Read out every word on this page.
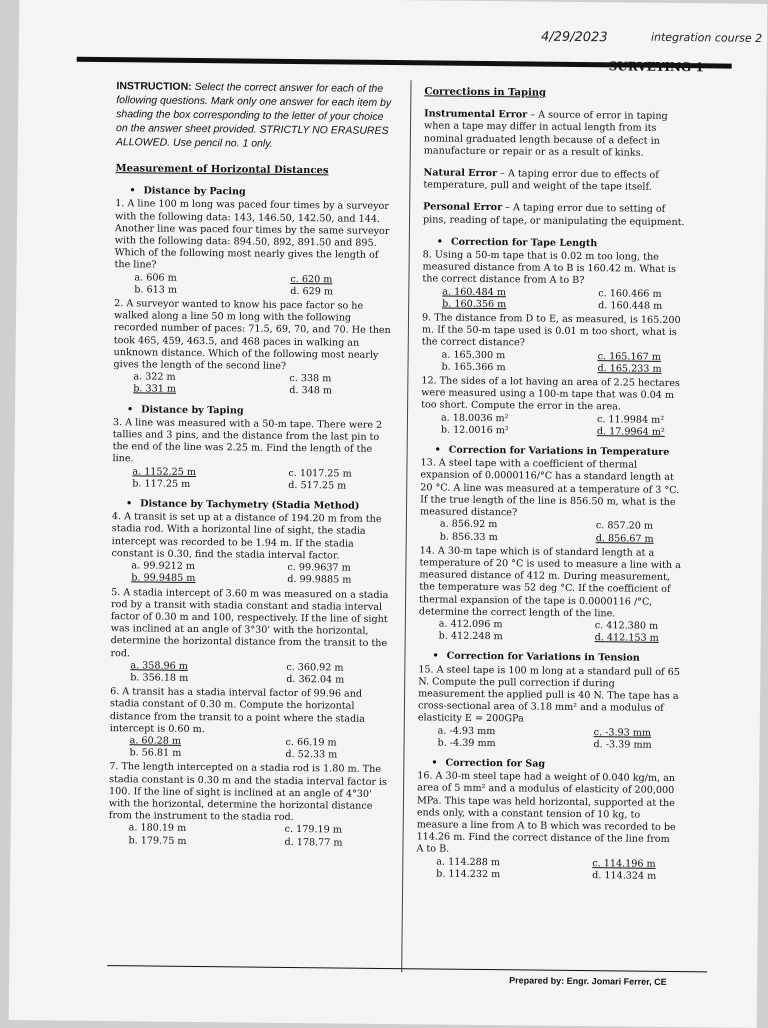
4/29/2023	integration course 2
INSTRUCTION: Select the correct answer for each of the following questions. Mark only one answer for each item by shading the box corresponding to the letter of your choice on the answer sheet provided. STRICTLY NO ERASURES ALLOWED. Use pencil no. 1 only.
Measurement of Horizontal Distances
• Distance by Pacing
1. A line 100 m long was paced four times by a surveyor with the following data: 143, 146.50, 142.50, and 144. Another line was paced four times by the same surveyor with the following data: 894.50, 892, 891.50 and 895. Which of the following most nearly gives the length of the line?
a. 606 m	c. 620 m
b. 613 m	d. 629 m
2. A surveyor wanted to know his pace factor so he walked along a line 50 m long with the following recorded number of paces: 71.5, 69, 70, and 70. He then took 465, 459, 463.5, and 468 paces in walking an unknown distance. Which of the following most nearly gives the length of the second line?
a. 322 m	c. 338 m
b. 331 m	d. 348 m
• Distance by Taping
3. A line was measured with a 50-m tape. There were 2 tallies and 3 pins, and the distance from the last pin to the end of the line was 2.25 m. Find the length of the line.
a. 1152.25 m	c. 1017.25 m
b. 117.25 m	d. 517.25 m
• Distance by Tachymetry (Stadia Method)
4. A transit is set up at a distance of 194.20 m from the stadia rod. With a horizontal line of sight, the stadia intercept was recorded to be 1.94 m. If the stadia constant is 0.30, find the stadia interval factor.
a. 99.9212 m	c. 99.9637 m
b. 99.9485 m	d. 99.9885 m
5. A stadia intercept of 3.60 m was measured on a stadia rod by a transit with stadia constant and stadia interval factor of 0.30 m and 100, respectively. If the line of sight was inclined at an angle of 3°30' with the horizontal, determine the horizontal distance from the transit to the rod.
a. 358.96 m	c. 360.92 m
b. 356.18 m	d. 362.04 m
6. A transit has a stadia interval factor of 99.96 and stadia constant of 0.30 m. Compute the horizontal distance from the transit to a point where the stadia intercept is 0.60 m.
a. 60.28 m	c. 66.19 m
b. 56.81 m	d. 52.33 m
7. The length intercepted on a stadia rod is 1.80 m. The stadia constant is 0.30 m and the stadia interval factor is 100. If the line of sight is inclined at an angle of 4°30' with the horizontal, determine the horizontal distance from the instrument to the stadia rod.
a. 180.19 m	c. 179.19 m
b. 179.75 m	d. 178.77 m
Corrections in Taping
Instrumental Error – A source of error in taping when a tape may differ in actual length from its nominal graduated length because of a defect in manufacture or repair or as a result of kinks.
Natural Error – A taping error due to effects of temperature, pull and weight of the tape itself.
Personal Error – A taping error due to setting of pins, reading of tape, or manipulating the equipment.
• Correction for Tape Length
8. Using a 50-m tape that is 0.02 m too long, the measured distance from A to B is 160.42 m. What is the correct distance from A to B?
a. 160.484 m	c. 160.466 m
b. 160.356 m	d. 160.448 m
9. The distance from D to E, as measured, is 165.200 m. If the 50-m tape used is 0.01 m too short, what is the correct distance?
a. 165.300 m	c. 165.167 m
b. 165.366 m	d. 165.233 m
12. The sides of a lot having an area of 2.25 hectares were measured using a 100-m tape that was 0.04 m too short. Compute the error in the area.
a. 18.0036 m²	c. 11.9984 m²
b. 12.0016 m²	d. 17.9964 m²
• Correction for Variations in Temperature
13. A steel tape with a coefficient of thermal expansion of 0.0000116/°C has a standard length at 20 °C. A line was measured at a temperature of 3 °C. If the true length of the line is 856.50 m, what is the measured distance?
a. 856.92 m	c. 857.20 m
b. 856.33 m	d. 856.67 m
14. A 30-m tape which is of standard length at a temperature of 20 °C is used to measure a line with a measured distance of 412 m. During measurement, the temperature was 52 deg °C. If the coefficient of thermal expansion of the tape is 0.0000116 /°C, determine the correct length of the line.
a. 412.096 m	c. 412.380 m
b. 412.248 m	d. 412.153 m
• Correction for Variations in Tension
15. A steel tape is 100 m long at a standard pull of 65 N. Compute the pull correction if during measurement the applied pull is 40 N. The tape has a cross-sectional area of 3.18 mm² and a modulus of elasticity E = 200GPa
a. -4.93 mm	c. -3.93 mm
b. -4.39 mm	d. -3.39 mm
• Correction for Sag
16. A 30-m steel tape had a weight of 0.040 kg/m, an area of 5 mm² and a modulus of elasticity of 200,000 MPa. This tape was held horizontal, supported at the ends only, with a constant tension of 10 kg, to measure a line from A to B which was recorded to be 114.26 m. Find the correct distance of the line from A to B.
a. 114.288 m	c. 114.196 m
b. 114.232 m	d. 114.324 m
Prepared by: Engr. Jomari Ferrer, CE
